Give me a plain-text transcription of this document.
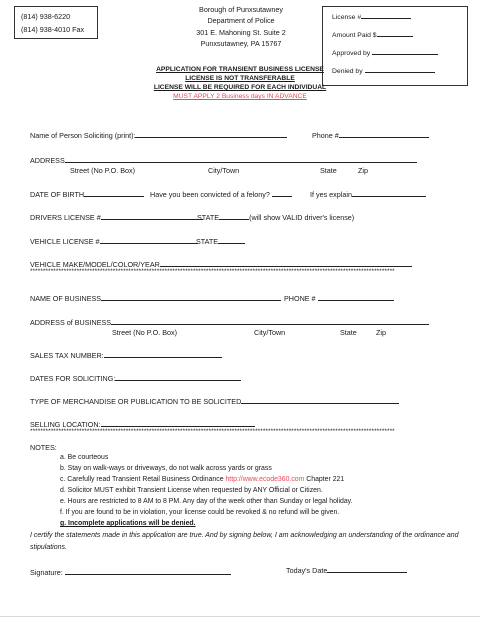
(814) 938-6220
(814) 938-4010 Fax
Borough of Punxsutawney
Department of Police
301 E. Mahoning St. Suite 2
Punxsutawney, PA 15767
License #
Amount Paid $
Approved by
Denied by
APPLICATION FOR TRANSIENT BUSINESS LICENSE
LICENSE IS NOT TRANSFERABLE
LICENSE WILL BE REQUIRED FOR EACH INDIVIDUAL
MUST APPLY 2 Business days IN ADVANCE
Name of Person Soliciting (print):	Phone #
ADDRESS
Street (No P.O. Box)	City/Town	State	Zip
DATE OF BIRTH	Have you been convicted of a felony?	If yes explain
DRIVERS LICENSE #	STATE	(will show VALID driver's license)
VEHICLE LICENSE #	STATE
VEHICLE MAKE/MODEL/COLOR/YEAR
*********************************************************************************************************************************************
NAME OF BUSINESS	PHONE #
ADDRESS of BUSINESS
Street (No P.O. Box)	City/Town	State	Zip
SALES TAX NUMBER:
DATES FOR SOLICITING:
TYPE OF MERCHANDISE OR PUBLICATION TO BE SOLICITED
SELLING LOCATION:
*********************************************************************************************************************************************
NOTES:
a. Be courteous
b. Stay on walk-ways or driveways, do not walk across yards or grass
c. Carefully read Transient Retail Business Ordinance http://www.ecode360.com Chapter 221
d. Solicitor MUST exhibit Transient License when requested by ANY Official or Citizen.
e. Hours are restricted to 8 AM to 8 PM. Any day of the week other than Sunday or legal holiday.
f. If you are found to be in violation, your license could be revoked & no refund will be given.
g. Incomplete applications will be denied.
I certify the statements made in this application are true. And by signing below, I am acknowledging an understanding of the ordinance and stipulations.
Signature:	Today's Date
